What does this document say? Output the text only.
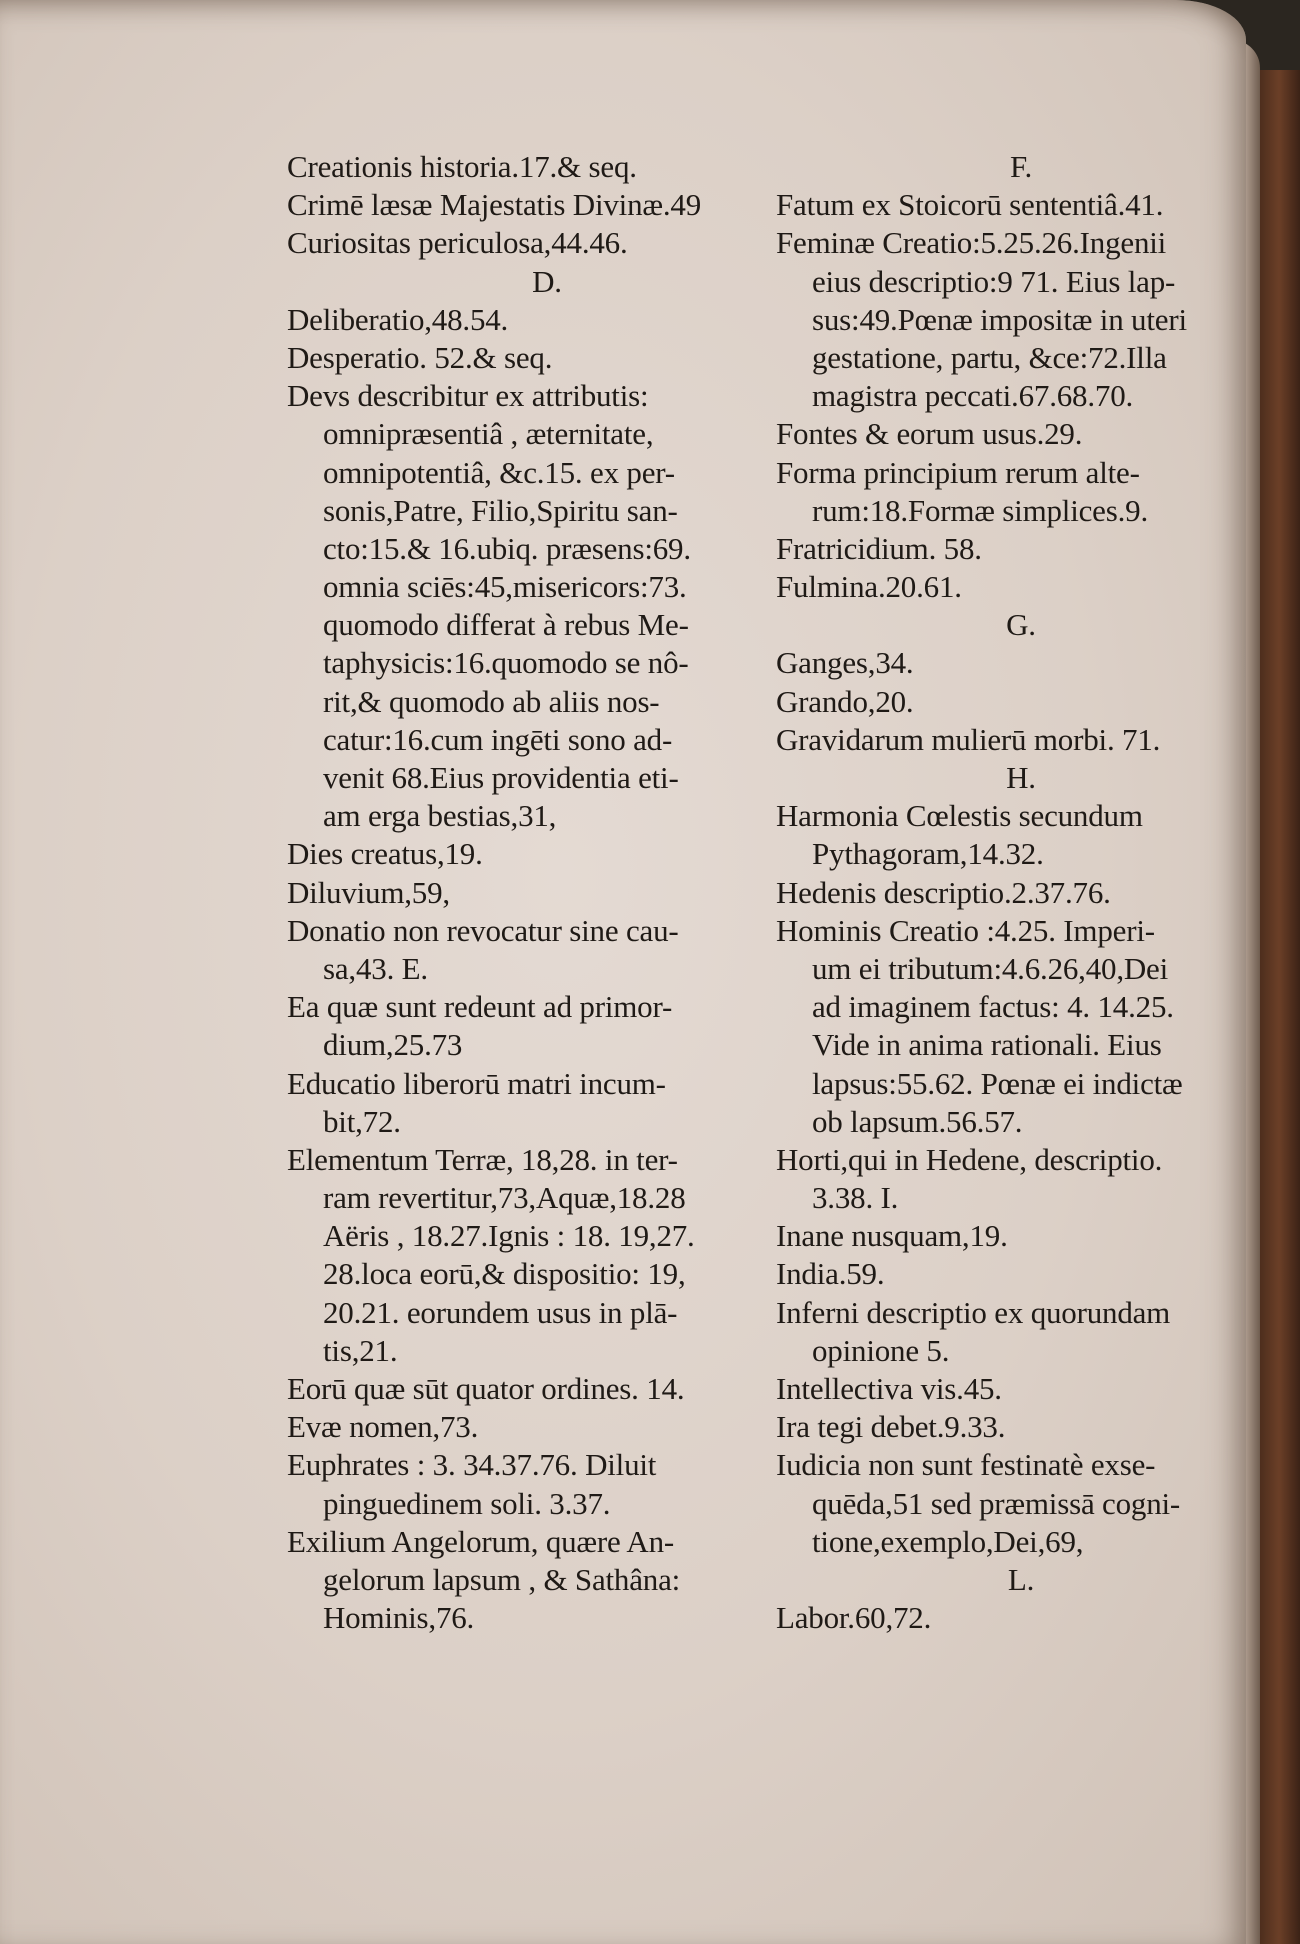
Creationis historia.17.& seq.
Crimē læsæ Majestatis Divinæ.49
Curiositas periculosa,44.46.
D.
Deliberatio,48.54.
Desperatio. 52.& seq.
Devs describitur ex attributis:
omnipræsentiâ , æternitate,
omnipotentiâ, &c.15. ex per-
sonis,Patre, Filio,Spiritu san-
cto:15.& 16.ubiq. præsens:69.
omnia sciēs:45,misericors:73.
quomodo differat à rebus Me-
taphysicis:16.quomodo se nô-
rit,& quomodo ab aliis nos-
catur:16.cum ingēti sono ad-
venit 68.Eius providentia eti-
am erga bestias,31,
Dies creatus,19.
Diluvium,59,
Donatio non revocatur sine cau-
sa,43. E.
Ea quæ sunt redeunt ad primor-
dium,25.73
Educatio liberorū matri incum-
bit,72.
Elementum Terræ, 18,28. in ter-
ram revertitur,73,Aquæ,18.28
Aëris , 18.27.Ignis : 18. 19,27.
28.loca eorū,& dispositio: 19,
20.21. eorundem usus in plā-
tis,21.
Eorū quæ sūt quator ordines. 14.
Evæ nomen,73.
Euphrates : 3. 34.37.76. Diluit
pinguedinem soli. 3.37.
Exilium Angelorum, quære An-
gelorum lapsum , & Sathâna:
Hominis,76.
F.
Fatum ex Stoicorū sententiâ.41.
Feminæ Creatio:5.25.26.Ingenii
eius descriptio:9 71. Eius lap-
sus:49.Pœnæ impositæ in uteri
gestatione, partu, &ce:72.Illa
magistra peccati.67.68.70.
Fontes & eorum usus.29.
Forma principium rerum alte-
rum:18.Formæ simplices.9.
Fratricidium. 58.
Fulmina.20.61.
G.
Ganges,34.
Grando,20.
Gravidarum mulierū morbi. 71.
H.
Harmonia Cœlestis secundum
Pythagoram,14.32.
Hedenis descriptio.2.37.76.
Hominis Creatio :4.25. Imperi-
um ei tributum:4.6.26,40,Dei
ad imaginem factus: 4. 14.25.
Vide in anima rationali. Eius
lapsus:55.62. Pœnæ ei indictæ
ob lapsum.56.57.
Horti,qui in Hedene, descriptio.
3.38. I.
Inane nusquam,19.
India.59.
Inferni descriptio ex quorundam
opinione 5.
Intellectiva vis.45.
Ira tegi debet.9.33.
Iudicia non sunt festinatè exse-
quēda,51 sed præmissā cogni-
tione,exemplo,Dei,69,
L.
Labor.60,72.
